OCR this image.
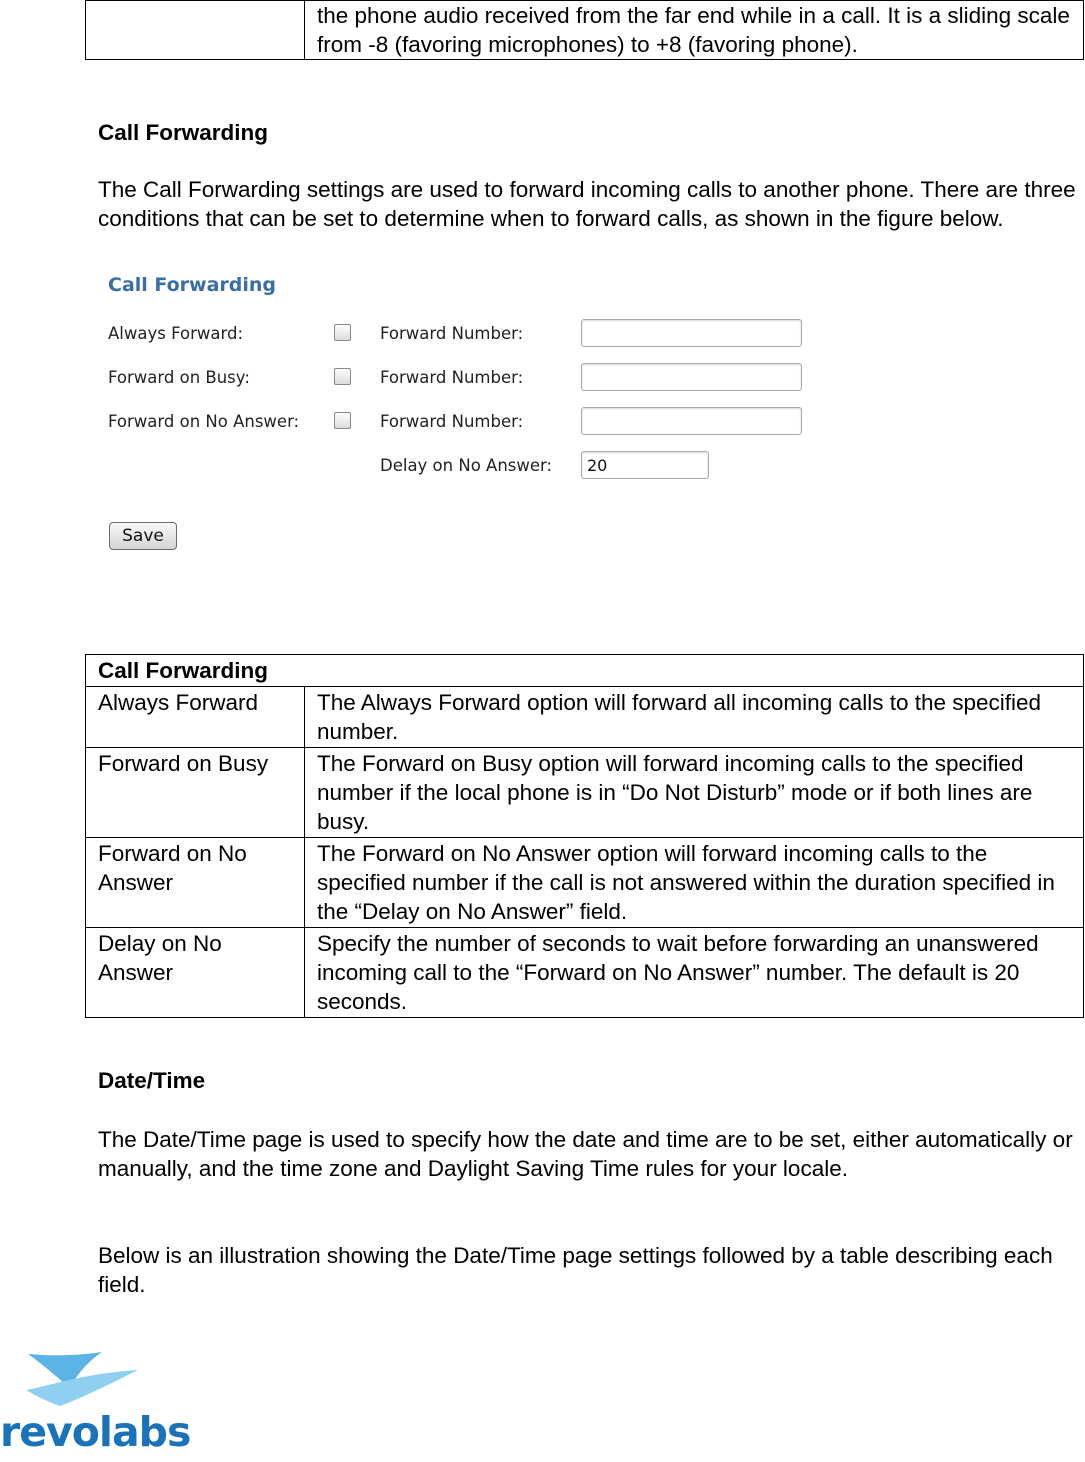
	the phone audio received from the far end while in a call. It is a sliding scale from -8 (favoring microphones) to +8 (favoring phone).
Call Forwarding

The Call Forwarding settings are used to forward incoming calls to another phone. There are three conditions that can be set to determine when to forward calls, as shown in the figure below.

Call Forwarding
Always Forward:	Forward Number:
Forward on Busy:	Forward Number:
Forward on No Answer:	Forward Number:
Delay on No Answer:	20
Save
Call Forwarding	
Always Forward	The Always Forward option will forward all incoming calls to the specified number.
Forward on Busy	The Forward on Busy option will forward incoming calls to the specified number if the local phone is in “Do Not Disturb” mode or if both lines are busy.
Forward on No Answer	The Forward on No Answer option will forward incoming calls to the specified number if the call is not answered within the duration specified in the “Delay on No Answer” field.
Delay on No Answer	Specify the number of seconds to wait before forwarding an unanswered incoming call to the “Forward on No Answer” number. The default is 20 seconds.
Date/Time

The Date/Time page is used to specify how the date and time are to be set, either automatically or manually, and the time zone and Daylight Saving Time rules for your locale.

Below is an illustration showing the Date/Time page settings followed by a table describing each field.

revolabs
